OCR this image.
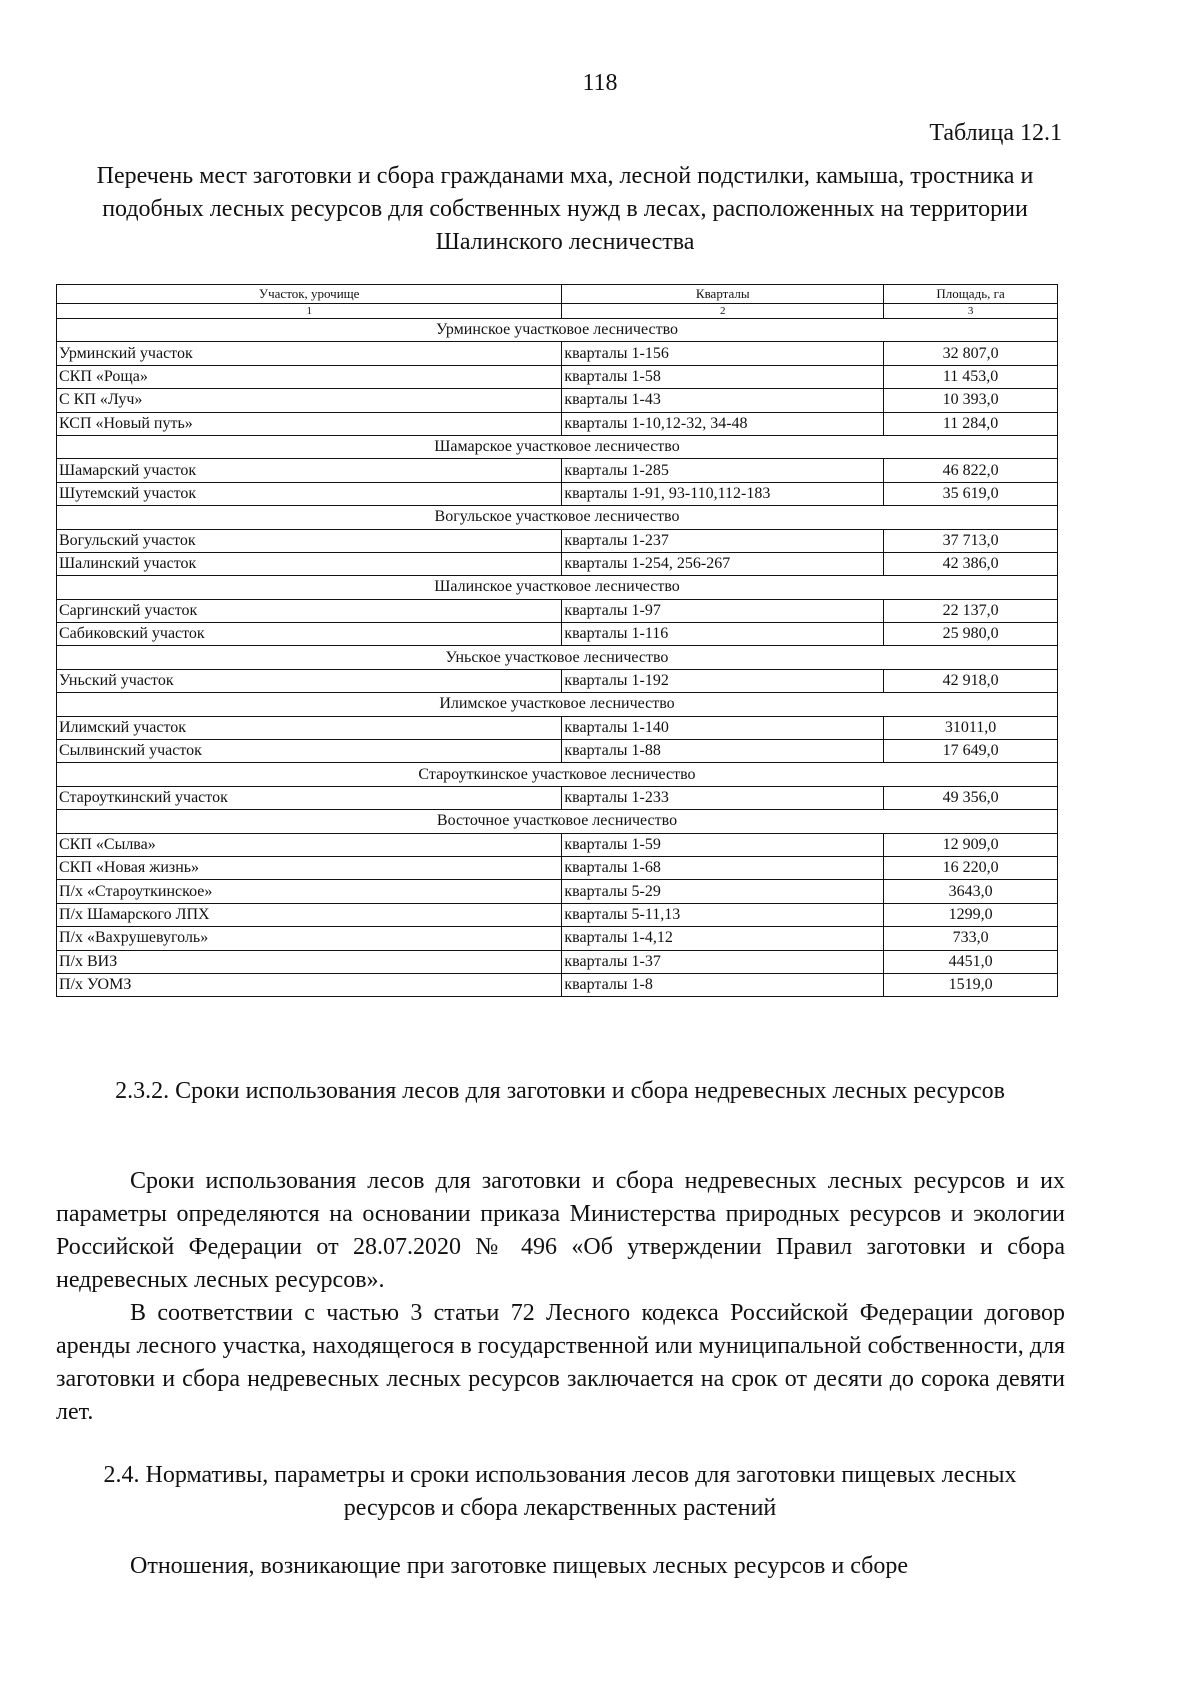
118
Таблица 12.1
Перечень мест заготовки и сбора гражданами мха, лесной подстилки, камыша, тростника и подобных лесных ресурсов для собственных нужд в лесах, расположенных на территории Шалинского лесничества
Участок, урочище	Кварталы	Площадь, га
1	2	3
Урминское участковое лесничество		
Урминский участок	кварталы 1-156	32 807,0
СКП «Роща»	кварталы 1-58	11 453,0
С КП «Луч»	кварталы 1-43	10 393,0
КСП «Новый путь»	кварталы 1-10,12-32, 34-48	11 284,0
Шамарское участковое лесничество		
Шамарский участок	кварталы 1-285	46 822,0
Шутемский участок	кварталы 1-91, 93-110,112-183	35 619,0
Вогульское участковое лесничество		
Вогульский участок	кварталы 1-237	37 713,0
Шалинский участок	кварталы 1-254, 256-267	42 386,0
Шалинское участковое лесничество		
Саргинский участок	кварталы 1-97	22 137,0
Сабиковский участок	кварталы 1-116	25 980,0
Уньское участковое лесничество		
Уньский участок	кварталы 1-192	42 918,0
Илимское участковое лесничество		
Илимский участок	кварталы 1-140	31011,0
Сылвинский участок	кварталы 1-88	17 649,0
Староуткинское участковое лесничество		
Староуткинский участок	кварталы 1-233	49 356,0
Восточное участковое лесничество		
СКП «Сылва»	кварталы 1-59	12 909,0
СКП «Новая жизнь»	кварталы 1-68	16 220,0
П/х «Староуткинское»	кварталы 5-29	3643,0
П/х Шамарского ЛПХ	кварталы 5-11,13	1299,0
П/х «Вахрушевуголь»	кварталы 1-4,12	733,0
П/х ВИЗ	кварталы 1-37	4451,0
П/х УОМЗ	кварталы 1-8	1519,0
2.3.2. Сроки использования лесов для заготовки и сбора недревесных лесных ресурсов
Сроки использования лесов для заготовки и сбора недревесных лесных ресурсов и их параметры определяются на основании приказа Министерства природных ресурсов и экологии Российской Федерации от 28.07.2020 № 496 «Об утверждении Правил заготовки и сбора недревесных лесных ресурсов».
В соответствии с частью 3 статьи 72 Лесного кодекса Российской Федерации договор аренды лесного участка, находящегося в государственной или муниципальной собственности, для заготовки и сбора недревесных лесных ресурсов заключается на срок от десяти до сорока девяти лет.
2.4. Нормативы, параметры и сроки использования лесов для заготовки пищевых лесных ресурсов и сбора лекарственных растений
Отношения, возникающие при заготовке пищевых лесных ресурсов и сборе
